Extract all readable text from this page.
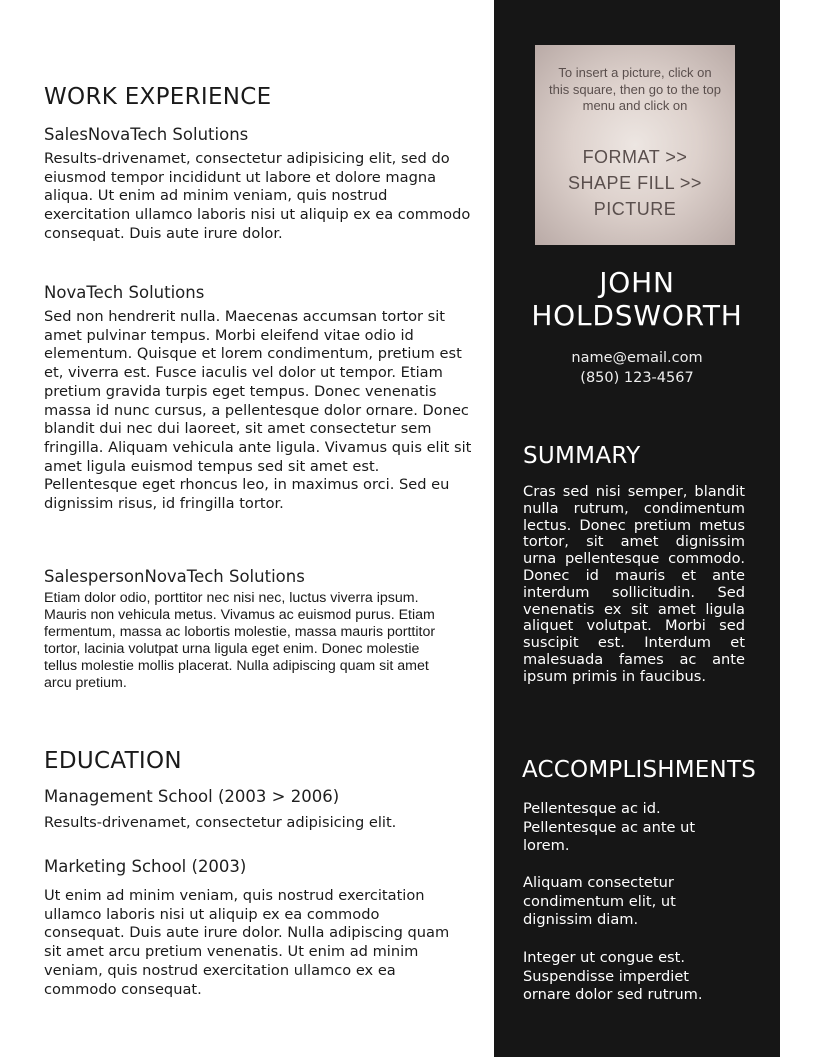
WORK EXPERIENCE
SalesNovaTech Solutions

Results-drivenamet, consectetur adipisicing elit, sed do eiusmod tempor incididunt ut labore et dolore magna aliqua. Ut enim ad minim veniam, quis nostrud exercitation ullamco laboris nisi ut aliquip ex ea commodo consequat. Duis aute irure dolor.

NovaTech Solutions

Sed non hendrerit nulla. Maecenas accumsan tortor sit amet pulvinar tempus. Morbi eleifend vitae odio id elementum. Quisque et lorem condimentum, pretium est et, viverra est. Fusce iaculis vel dolor ut tempor. Etiam pretium gravida turpis eget tempus. Donec venenatis massa id nunc cursus, a pellentesque dolor ornare. Donec blandit dui nec dui laoreet, sit amet consectetur sem fringilla. Aliquam vehicula ante ligula. Vivamus quis elit sit amet ligula euismod tempus sed sit amet est. Pellentesque eget rhoncus leo, in maximus orci. Sed eu dignissim risus, id fringilla tortor.

SalespersonNovaTech Solutions

Etiam dolor odio, porttitor nec nisi nec, luctus viverra ipsum. Mauris non vehicula metus. Vivamus ac euismod purus. Etiam fermentum, massa ac lobortis molestie, massa mauris porttitor tortor, lacinia volutpat urna ligula eget enim. Donec molestie tellus molestie mollis placerat. Nulla adipiscing quam sit amet arcu pretium.

EDUCATION
Management School (2003 > 2006)

Results-drivenamet, consectetur adipisicing elit.

Marketing School (2003)

Ut enim ad minim veniam, quis nostrud exercitation ullamco laboris nisi ut aliquip ex ea commodo consequat. Duis aute irure dolor. Nulla adipiscing quam sit amet arcu pretium venenatis. Ut enim ad minim veniam, quis nostrud exercitation ullamco ex ea commodo consequat.

To insert a picture, click on this square, then go to the top menu and click on
FORMAT >>
SHAPE FILL >>
PICTURE
JOHN
HOLDSWORTH
name@email.com
(850) 123-4567
SUMMARY
Cras sed nisi semper, blandit nulla rutrum, condimentum lectus. Donec pretium metus tortor, sit amet dignissim urna pellentesque commodo. Donec id mauris et ante interdum sollicitudin. Sed venenatis ex sit amet ligula aliquet volutpat. Morbi sed suscipit est. Interdum et malesuada fames ac ante ipsum primis in faucibus.
ACCOMPLISHMENTS
Pellentesque ac id. Pellentesque ac ante ut lorem.
Aliquam consectetur condimentum elit, ut dignissim diam.
Integer ut congue est. Suspendisse imperdiet ornare dolor sed rutrum.
